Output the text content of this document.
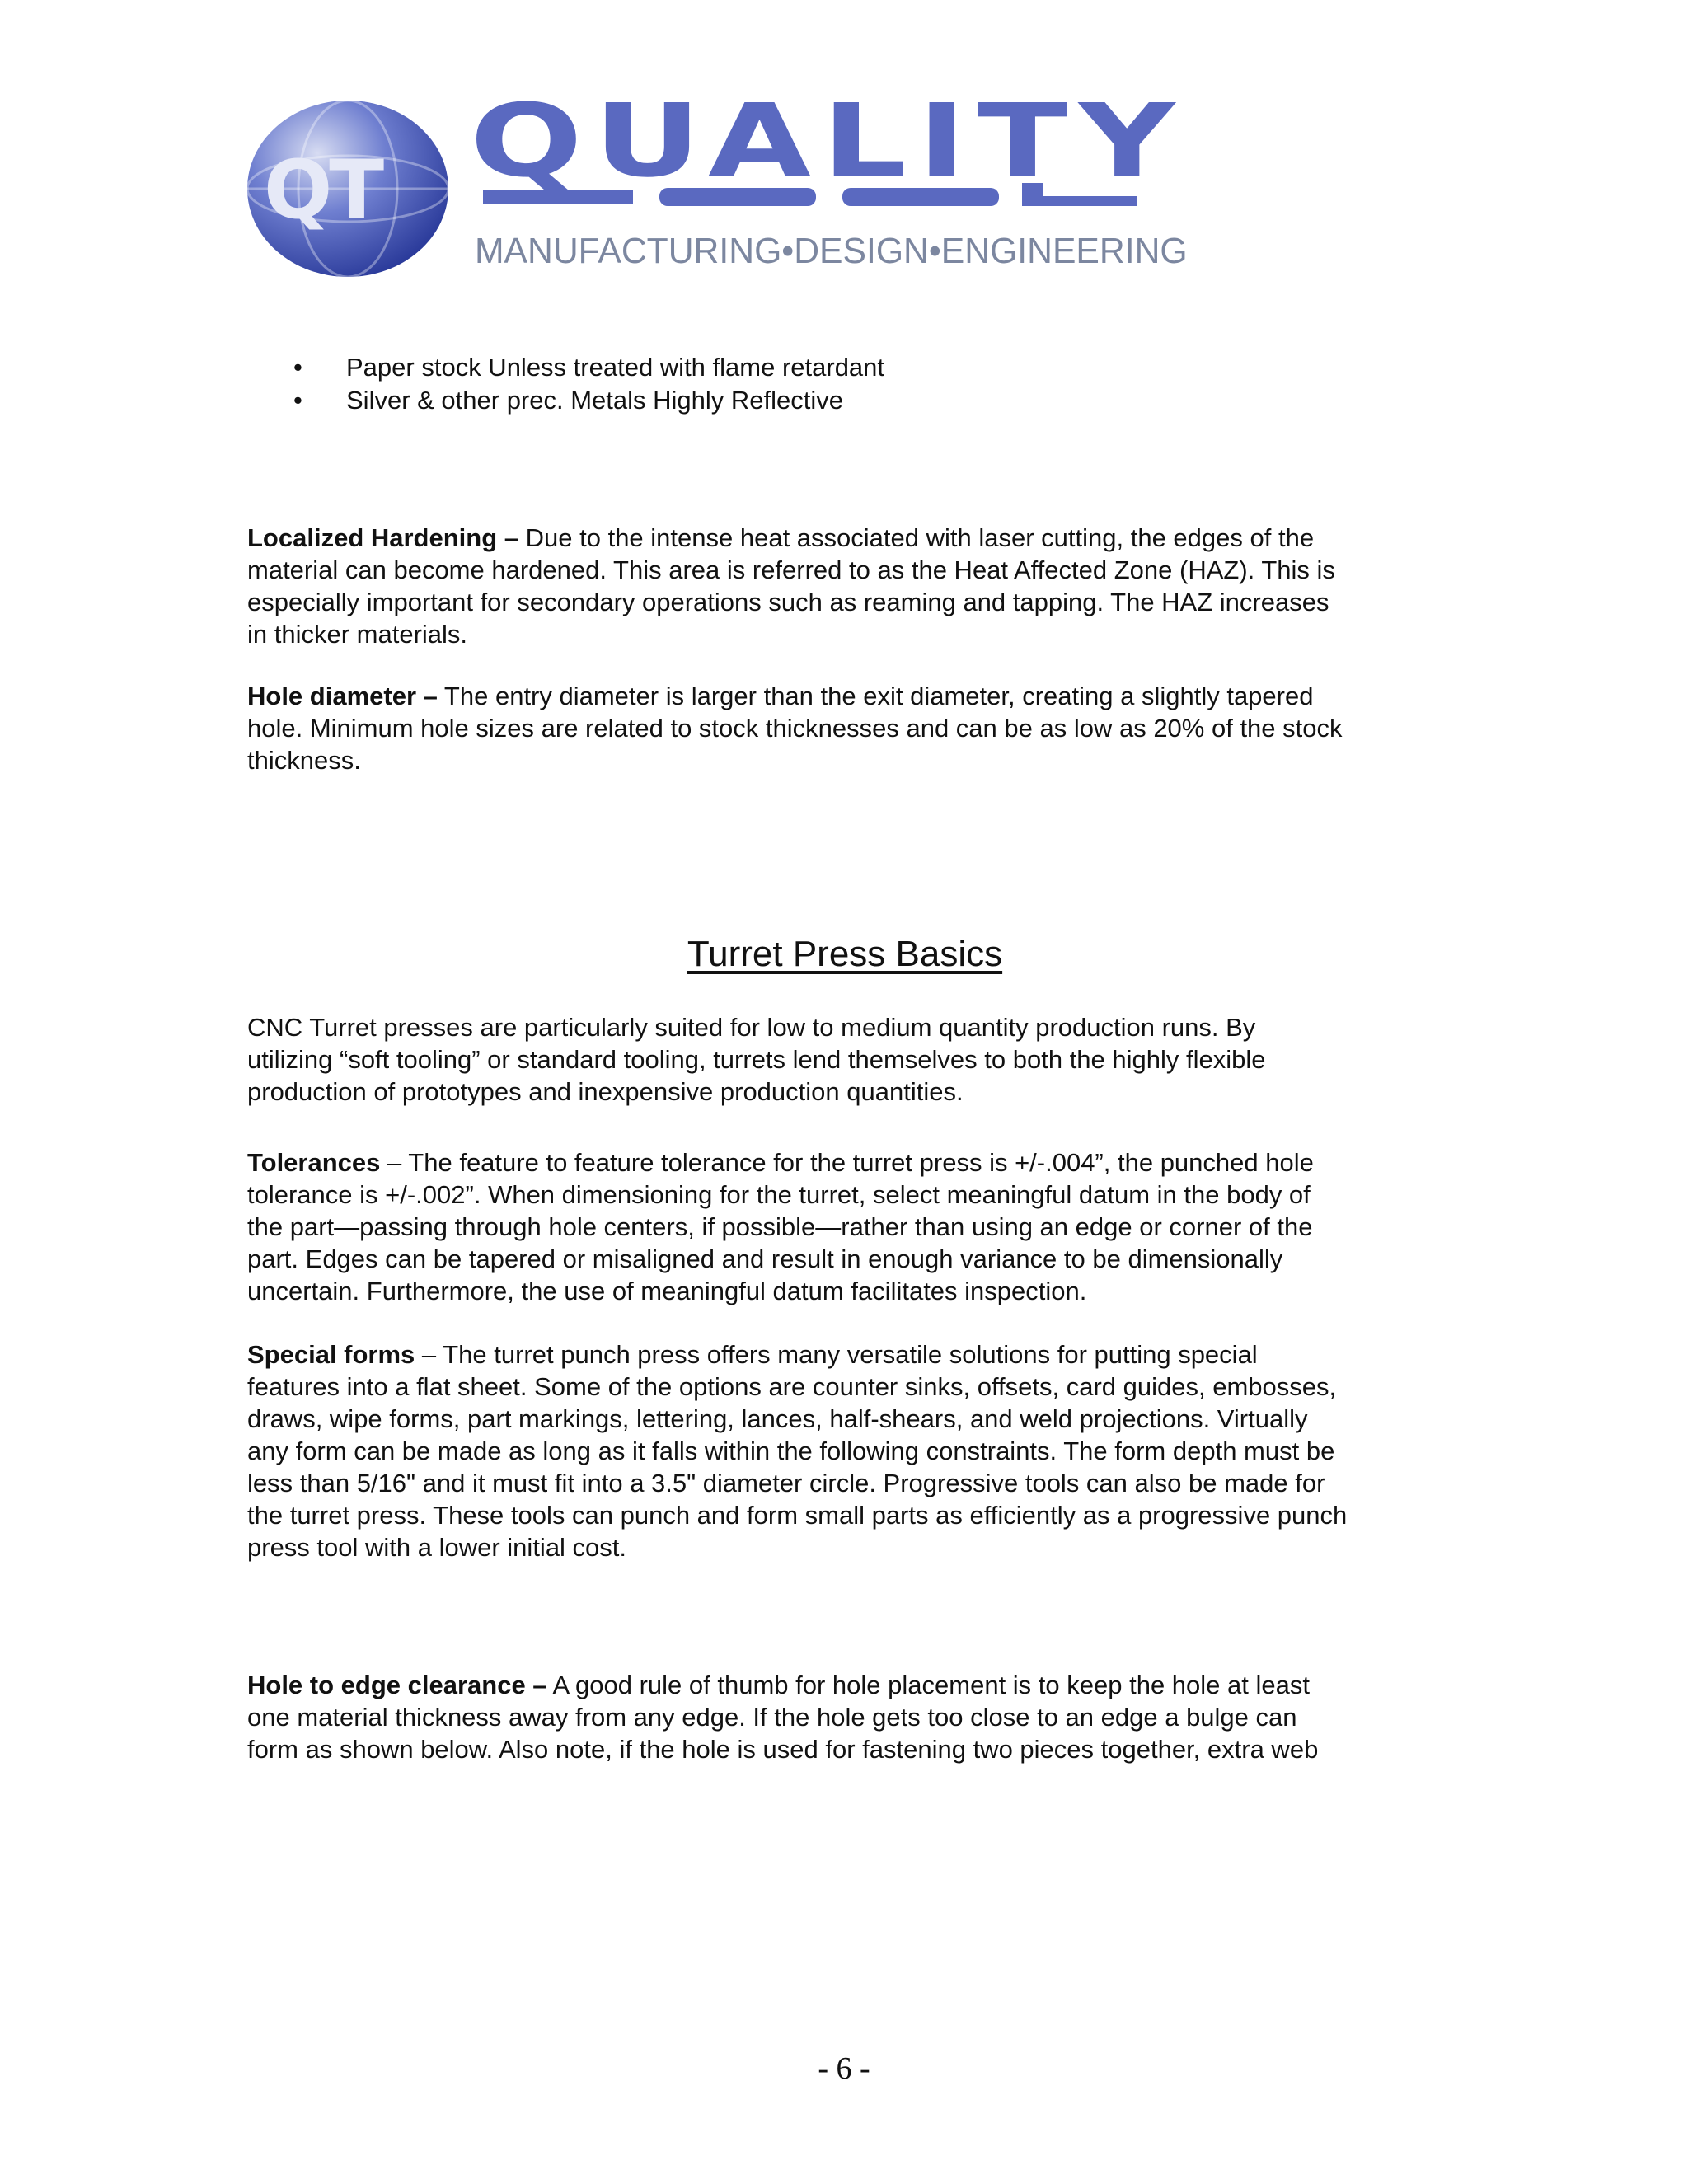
QT QUALITY
MANUFACTURING•DESIGN•ENGINEERING
• Paper stock Unless treated with flame retardant
• Silver & other prec. Metals Highly Reflective
Localized Hardening – Due to the intense heat associated with laser cutting, the edges of the
material can become hardened. This area is referred to as the Heat Affected Zone (HAZ). This is
especially important for secondary operations such as reaming and tapping. The HAZ increases
in thicker materials.
Hole diameter – The entry diameter is larger than the exit diameter, creating a slightly tapered
hole. Minimum hole sizes are related to stock thicknesses and can be as low as 20% of the stock
thickness.
Turret Press Basics
CNC Turret presses are particularly suited for low to medium quantity production runs. By
utilizing “soft tooling” or standard tooling, turrets lend themselves to both the highly flexible
production of prototypes and inexpensive production quantities.
Tolerances – The feature to feature tolerance for the turret press is +/-.004”, the punched hole
tolerance is +/-.002”. When dimensioning for the turret, select meaningful datum in the body of
the part—passing through hole centers, if possible—rather than using an edge or corner of the
part. Edges can be tapered or misaligned and result in enough variance to be dimensionally
uncertain. Furthermore, the use of meaningful datum facilitates inspection.
Special forms – The turret punch press offers many versatile solutions for putting special
features into a flat sheet. Some of the options are counter sinks, offsets, card guides, embosses,
draws, wipe forms, part markings, lettering, lances, half-shears, and weld projections. Virtually
any form can be made as long as it falls within the following constraints. The form depth must be
less than 5/16" and it must fit into a 3.5" diameter circle. Progressive tools can also be made for
the turret press. These tools can punch and form small parts as efficiently as a progressive punch
press tool with a lower initial cost.
Hole to edge clearance – A good rule of thumb for hole placement is to keep the hole at least
one material thickness away from any edge. If the hole gets too close to an edge a bulge can
form as shown below. Also note, if the hole is used for fastening two pieces together, extra web
- 6 -
